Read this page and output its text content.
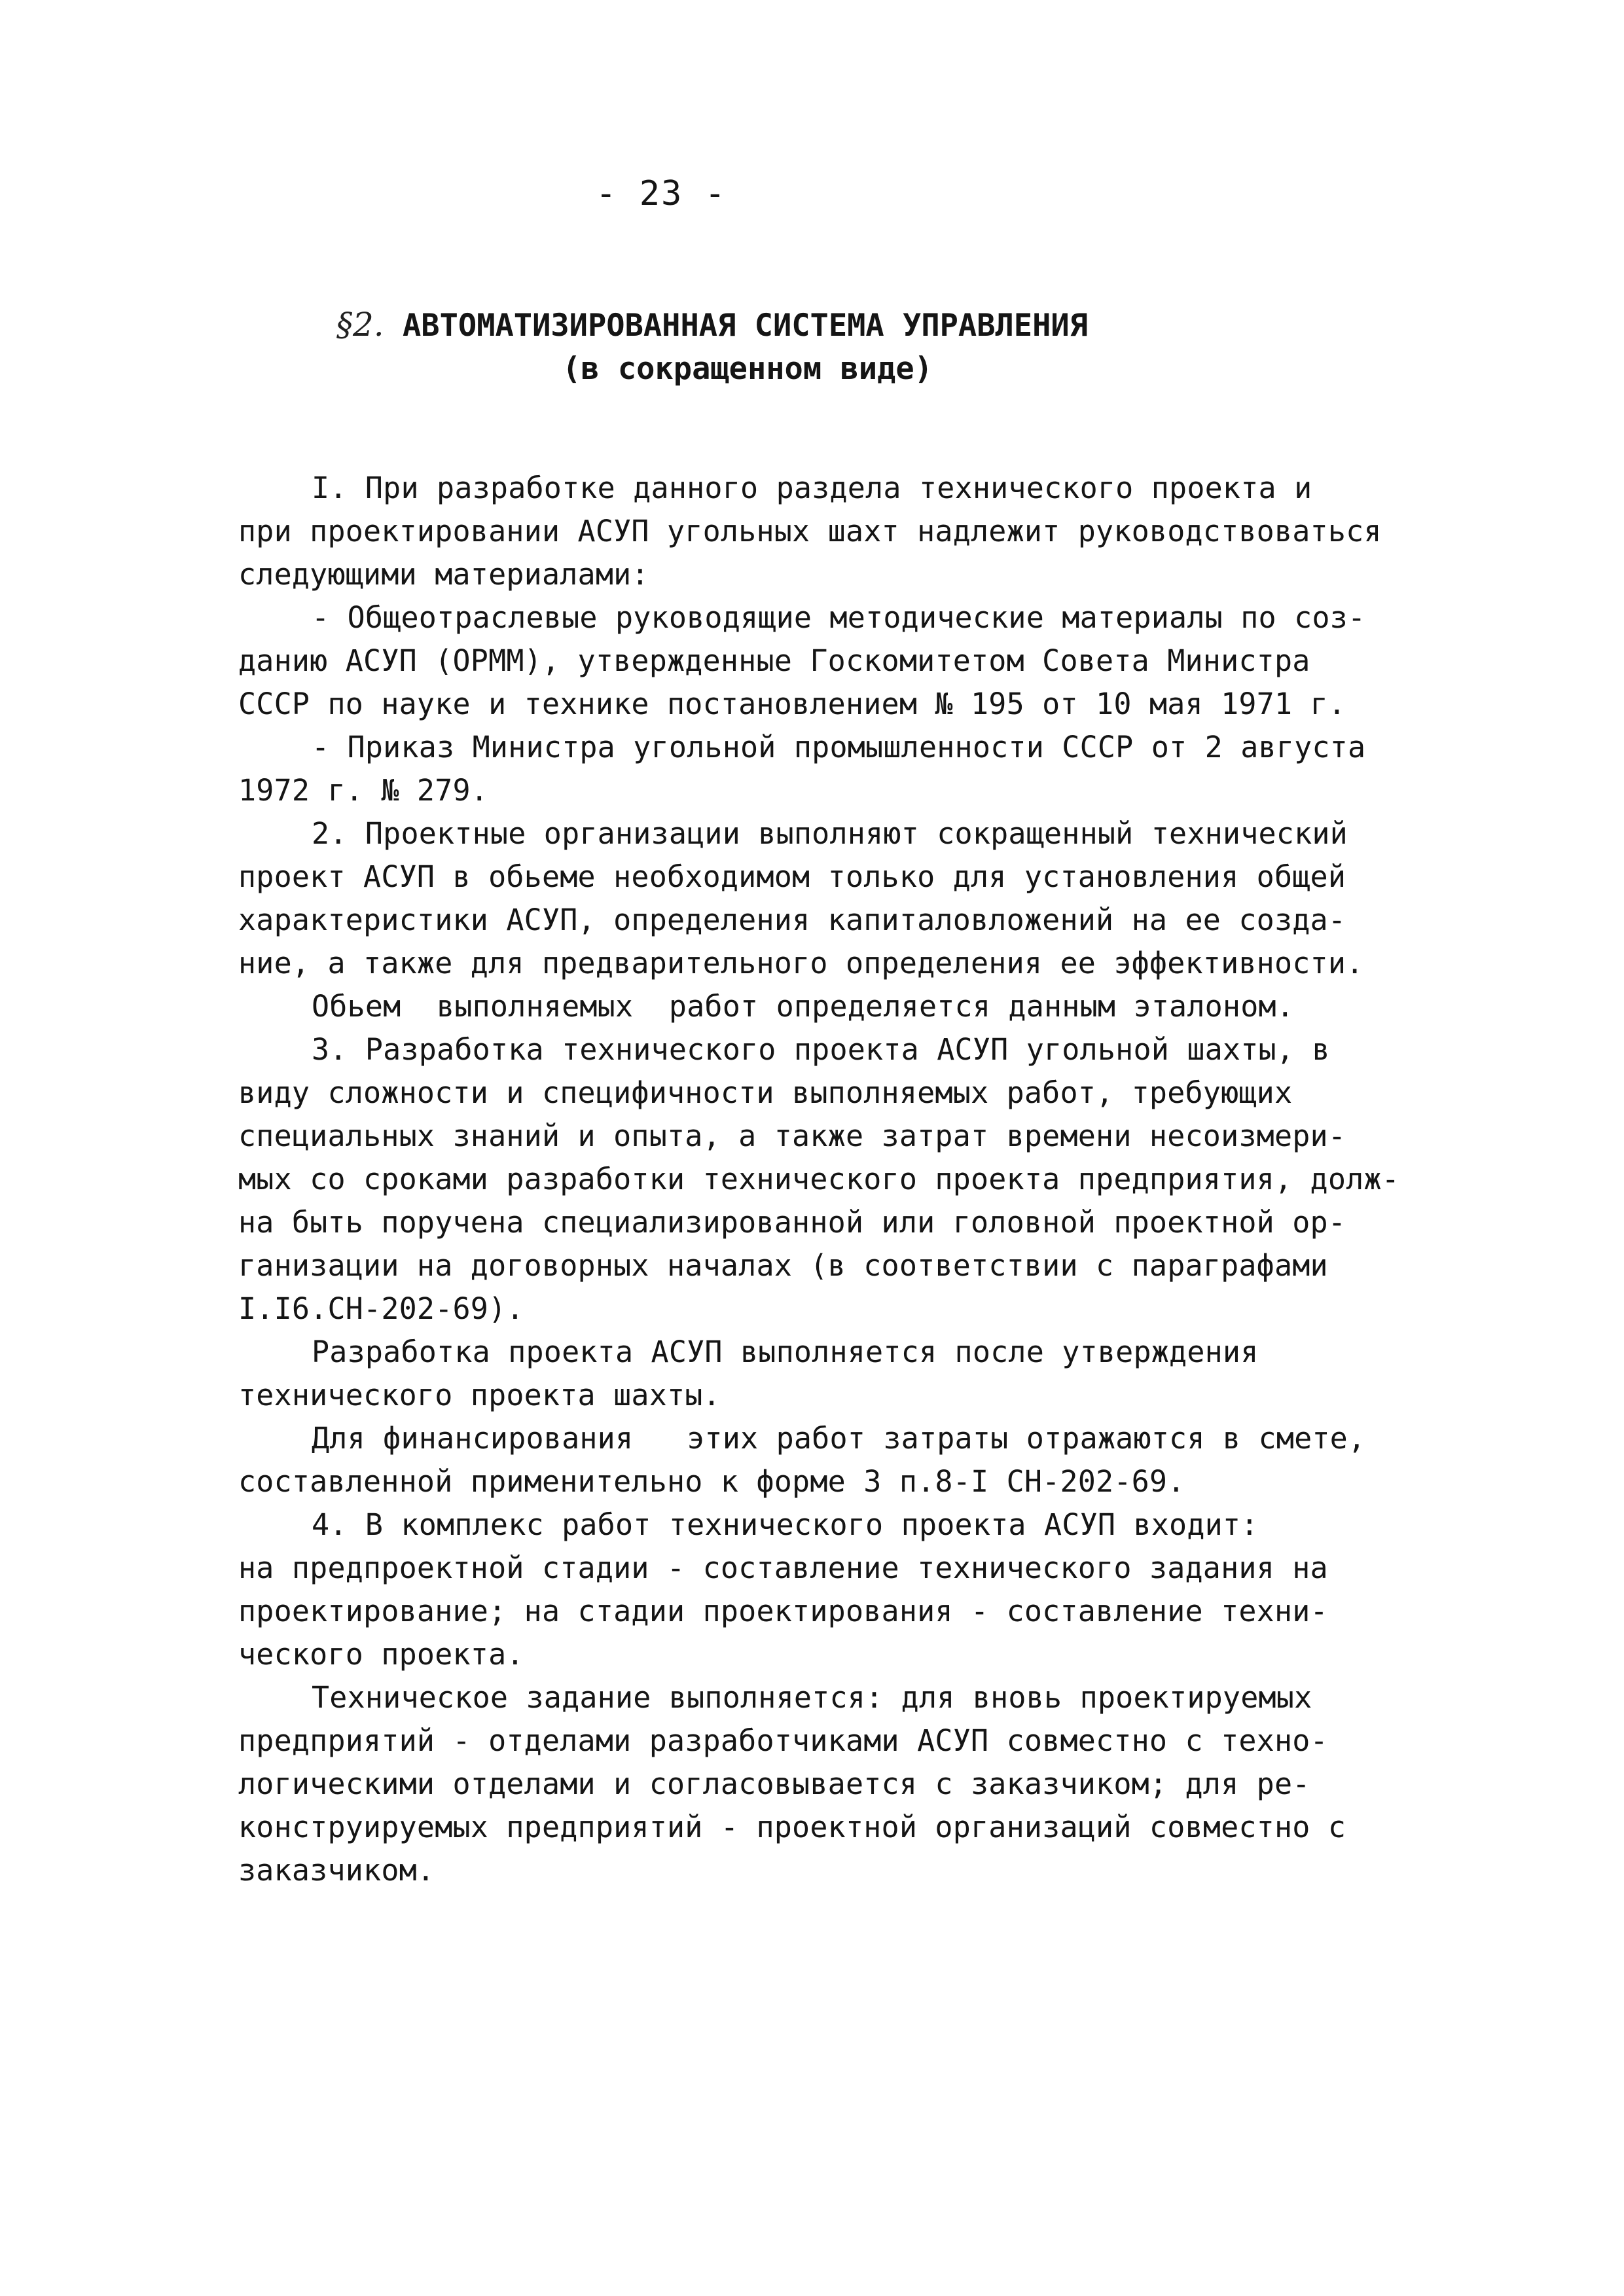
- 23 -
§2. АВТОМАТИЗИРОВАННАЯ СИСТЕМА УПРАВЛЕНИЯ
(в сокращенном виде)
I. При разработке данного раздела технического проекта и
при проектировании АСУП угольных шахт надлежит руководствоваться
следующими материалами:
- Общеотраслевые руководящие методические материалы по соз-
данию АСУП (ОРММ), утвержденные Госкомитетом Совета Министра
СССР по науке и технике постановлением № 195 от 10 мая 1971 г.
- Приказ Министра угольной промышленности СССР от 2 августа
1972 г. № 279.
2. Проектные организации выполняют сокращенный технический
проект АСУП в обьеме необходимом только для установления общей
характеристики АСУП, определения капиталовложений на ее созда-
ние, а также для предварительного определения ее эффективности.
Обьем  выполняемых  работ определяется данным эталоном.
3. Разработка технического проекта АСУП угольной шахты, в
виду сложности и специфичности выполняемых работ, требующих
специальных знаний и опыта, а также затрат времени несоизмери-
мых со сроками разработки технического проекта предприятия, долж-
на быть поручена специализированной или головной проектной ор-
ганизации на договорных началах (в соответствии с параграфами
I.I6.CH-202-69).
Разработка проекта АСУП выполняется после утверждения
технического проекта шахты.
Для финансирования   этих работ затраты отражаются в смете,
составленной применительно к форме 3 п.8-I СН-202-69.
4. В комплекс работ технического проекта АСУП входит:
на предпроектной стадии - составление технического задания на
проектирование; на стадии проектирования - составление техни-
ческого проекта.
Техническое задание выполняется: для вновь проектируемых
предприятий - отделами разработчиками АСУП совместно с техно-
логическими отделами и согласовывается с заказчиком; для ре-
конструируемых предприятий - проектной организаций совместно с
заказчиком.
